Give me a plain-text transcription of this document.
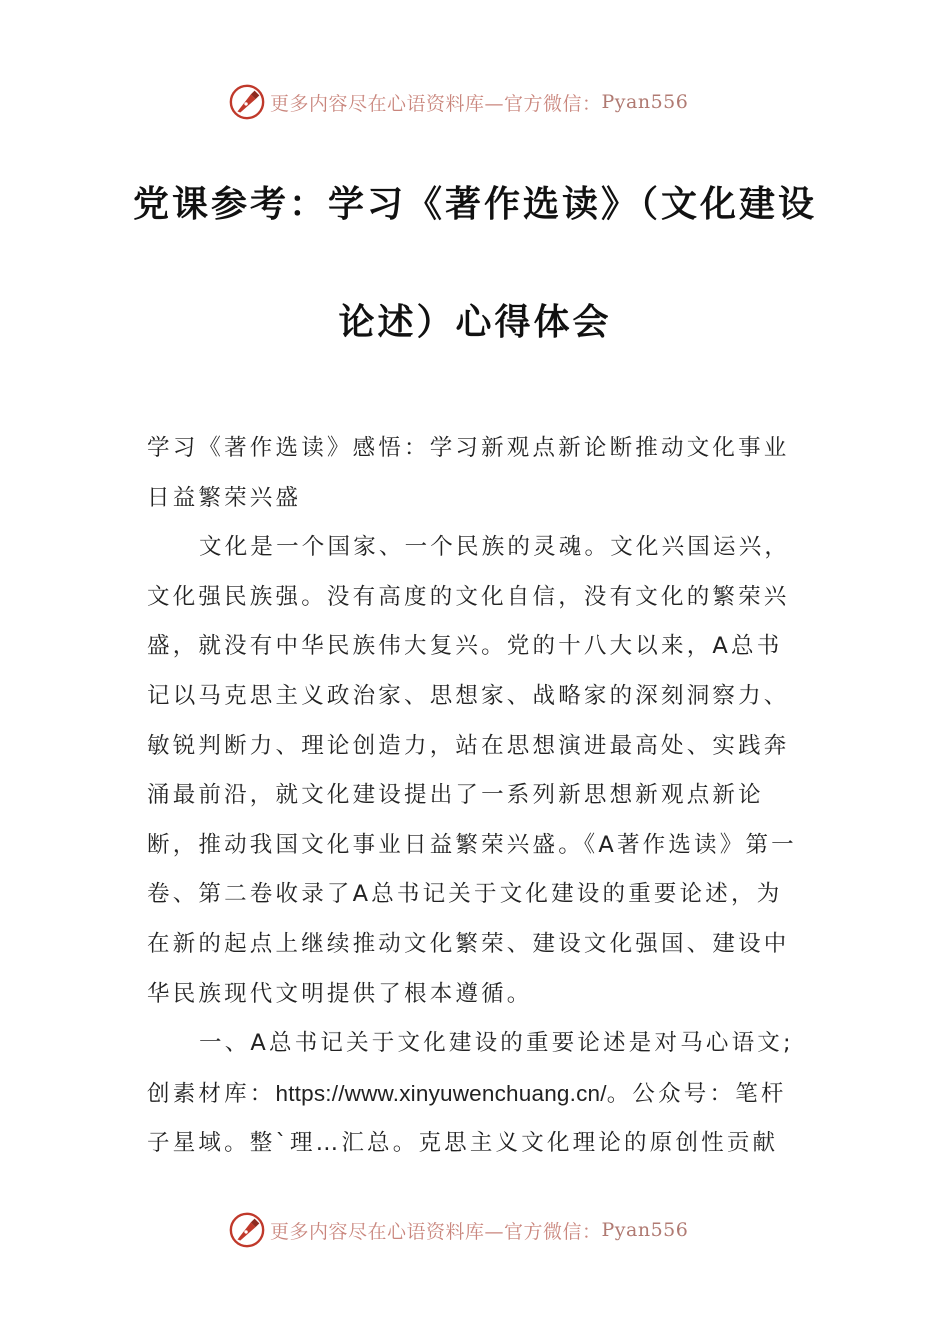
更多内容尽在心语资料库—官方微信： Pyan556
党课参考：学习《著作选读》（文化建设
论述）心得体会

学习《著作选读》感悟：学习新观点新论断推动文化事业日益繁荣兴盛

文化是一个国家、一个民族的灵魂。文化兴国运兴，文化强民族强。没有高度的文化自信，没有文化的繁荣兴盛，就没有中华民族伟大复兴。党的十八大以来，A总书记以马克思主义政治家、思想家、战略家的深刻洞察力、敏锐判断力、理论创造力，站在思想演进最高处、实践奔涌最前沿，就文化建设提出了一系列新思想新观点新论断，推动我国文化事业日益繁荣兴盛。《A著作选读》第一卷、第二卷收录了A总书记关于文化建设的重要论述，为在新的起点上继续推动文化繁荣、建设文化强国、建设中华民族现代文明提供了根本遵循。

一、A总书记关于文化建设的重要论述是对马心语文;创素材库：https://www.xinyuwenchuang.cn/。公众号：笔杆子星域。整`理…汇总。克思主义文化理论的原创性贡献

更多内容尽在心语资料库—官方微信： Pyan556
